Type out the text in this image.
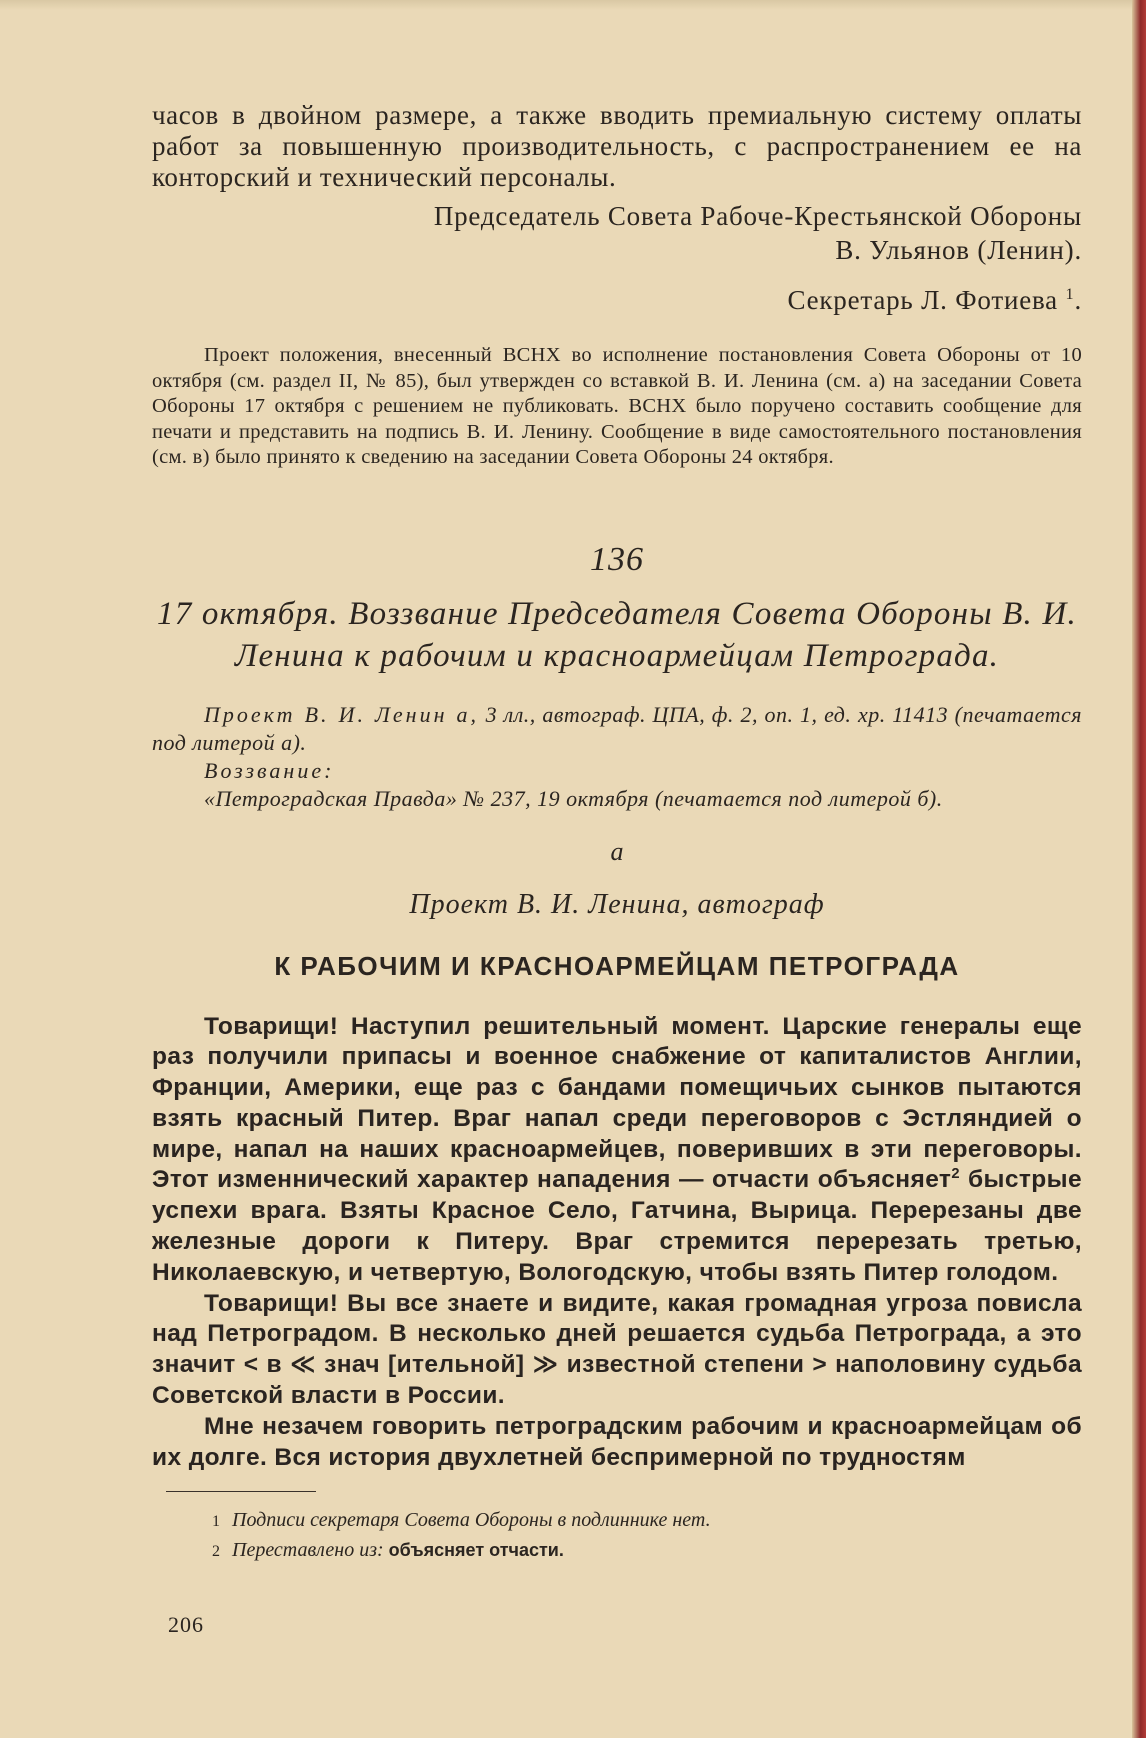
часов в двойном размере, а также вводить премиальную систему оплаты работ за повышенную производительность, с распространением ее на конторский и технический персоналы.

Председатель Совета Рабоче-Крестьянской Обороны

В. Ульянов (Ленин).

Секретарь Л. Фотиева $^1$.

Проект положения, внесенный ВСНХ во исполнение постановления Совета Обороны от 10 октября (см. раздел II, № 85), был утвержден со вставкой В. И. Ленина (см. а) на заседании Совета Обороны 17 октября с решением не публиковать. ВСНХ было поручено составить сообщение для печати и представить на подпись В. И. Ленину. Сообщение в виде самостоятельного постановления (см. в) было принято к сведению на заседании Совета Обороны 24 октября.

136

17 октября. Воззвание Председателя Совета Обороны В. И. Ленина к рабочим и красноармейцам Петрограда.

Проект В. И. Ленин а, 3 лл., автограф. ЦПА, ф. 2, оп. 1, ед. хр. 11413 (печатается под литерой а).

Воззвание:

«Петроградская Правда» № 237, 19 октября (печатается под литерой б).

а

Проект В. И. Ленина, автограф

К РАБОЧИМ И КРАСНОАРМЕЙЦАМ ПЕТРОГРАДА

Товарищи! Наступил решительный момент. Царские генералы еще раз получили припасы и военное снабжение от капиталистов Англии, Франции, Америки, еще раз с бандами помещичьих сынков пытаются взять красный Питер. Враг напал среди переговоров с Эстляндией о мире, напал на наших красноармейцев, поверивших в эти переговоры. Этот изменнический характер нападения — отчасти объясняет$^2$ быстрые успехи врага. Взяты Красное Село, Гатчина, Вырица. Перерезаны две железные дороги к Питеру. Враг стремится перерезать третью, Николаевскую, и четвертую, Вологодскую, чтобы взять Питер голодом.

Товарищи! Вы все знаете и видите, какая громадная угроза повисла над Петроградом. В несколько дней решается судьба Петрограда, а это значит < в ≪ знач [ительной] ≫ известной степени > наполовину судьба Советской власти в России.

Мне незачем говорить петроградским рабочим и красноармейцам об их долге. Вся история двухлетней беспримерной по трудностям

1 Подписи секретаря Совета Обороны в подлиннике нет.

2 Переставлено из: объясняет отчасти.

206
